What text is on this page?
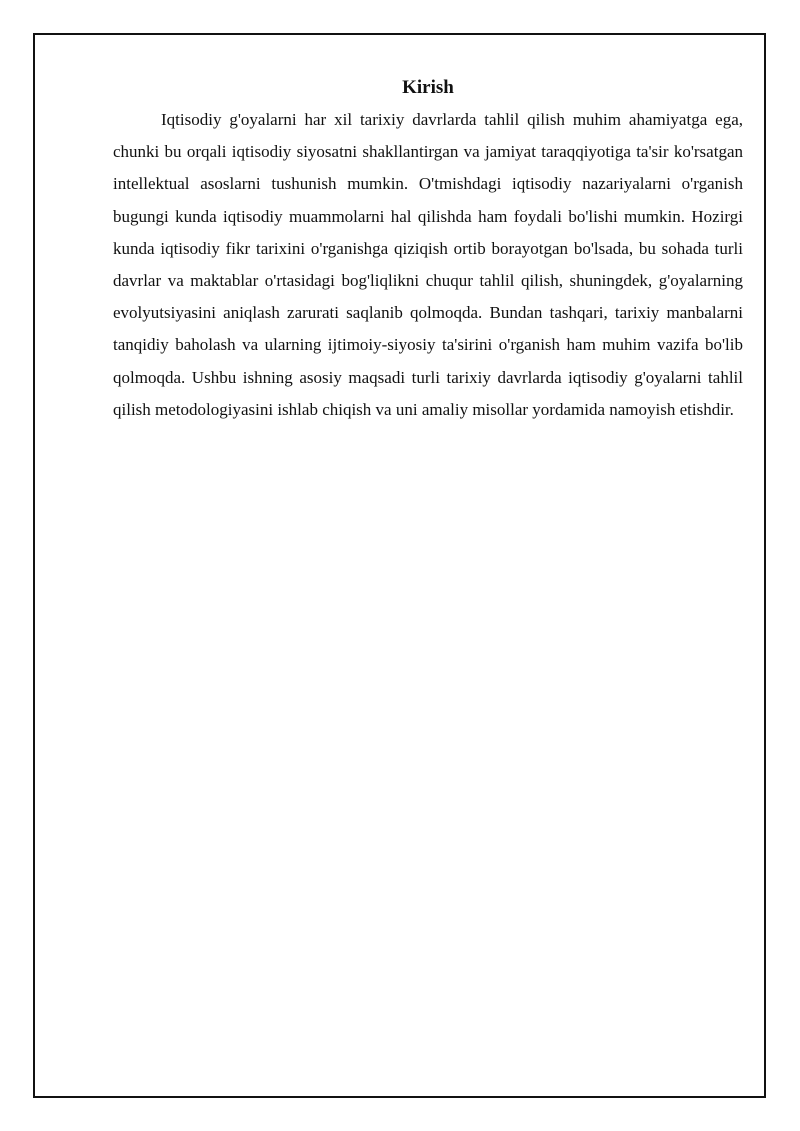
Kirish

Iqtisodiy g'oyalarni har xil tarixiy davrlarda tahlil qilish muhim ahamiyatga ega, chunki bu orqali iqtisodiy siyosatni shakllantirgan va jamiyat taraqqiyotiga ta'sir ko'rsatgan intellektual asoslarni tushunish mumkin. O'tmishdagi iqtisodiy nazariyalarni o'rganish bugungi kunda iqtisodiy muammolarni hal qilishda ham foydali bo'lishi mumkin. Hozirgi kunda iqtisodiy fikr tarixini o'rganishga qiziqish ortib borayotgan bo'lsada, bu sohada turli davrlar va maktablar o'rtasidagi bog'liqlikni chuqur tahlil qilish, shuningdek, g'oyalarning evolyutsiyasini aniqlash zarurati saqlanib qolmoqda. Bundan tashqari, tarixiy manbalarni tanqidiy baholash va ularning ijtimoiy-siyosiy ta'sirini o'rganish ham muhim vazifa bo'lib qolmoqda. Ushbu ishning asosiy maqsadi turli tarixiy davrlarda iqtisodiy g'oyalarni tahlil qilish metodologiyasini ishlab chiqish va uni amaliy misollar yordamida namoyish etishdir.
